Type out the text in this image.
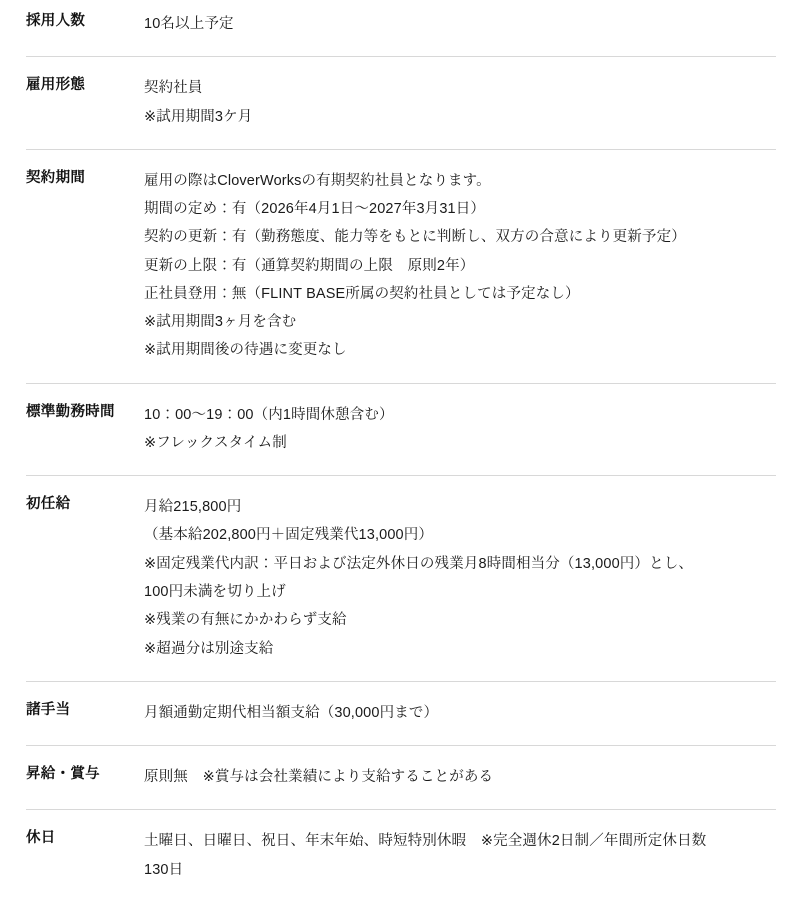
採用人数	10名以上予定

雇用形態	契約社員
※試用期間3ケ月

契約期間	雇用の際はCloverWorksの有期契約社員となります。
期間の定め：有（2026年4月1日〜2027年3月31日）
契約の更新：有（勤務態度、能力等をもとに判断し、双方の合意により更新予定）
更新の上限：有（通算契約期間の上限　原則2年）
正社員登用：無（FLINT BASE所属の契約社員としては予定なし）
※試用期間3ヶ月を含む
※試用期間後の待遇に変更なし

標準勤務時間	10：00〜19：00（内1時間休憩含む）
※フレックスタイム制

初任給	月給215,800円
（基本給202,800円＋固定残業代13,000円）
※固定残業代内訳：平日および法定外休日の残業月8時間相当分（13,000円）とし、
100円未満を切り上げ
※残業の有無にかかわらず支給
※超過分は別途支給

諸手当	月額通勤定期代相当額支給（30,000円まで）

昇給・賞与	原則無　※賞与は会社業績により支給することがある

休日	土曜日、日曜日、祝日、年末年始、時短特別休暇　※完全週休2日制／年間所定休日数
130日
